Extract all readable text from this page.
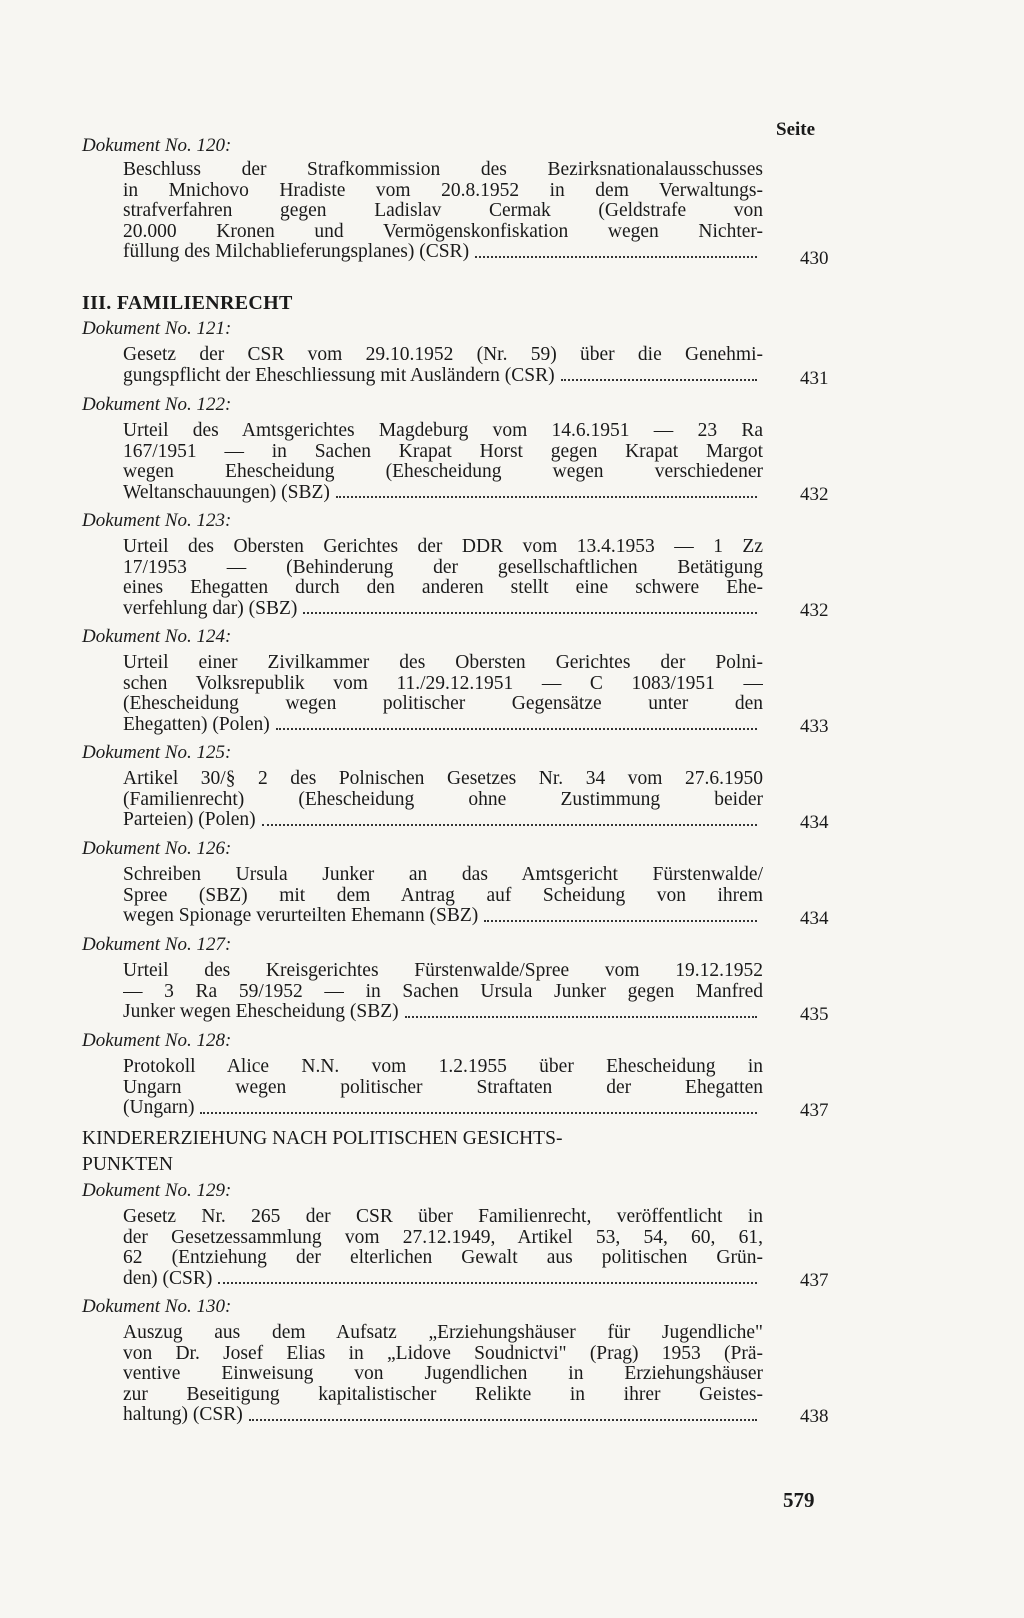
Seite
Dokument No. 120:
Beschluss der Strafkommission des Bezirksnationalausschusses
in Mnichovo Hradiste vom 20.8.1952 in dem Verwaltungs-
strafverfahren gegen Ladislav Cermak (Geldstrafe von
20.000 Kronen und Vermögenskonfiskation wegen Nichter-
füllung des Milchablieferungsplanes) (CSR)	430
III. FAMILIENRECHT
Dokument No. 121:
Gesetz der CSR vom 29.10.1952 (Nr. 59) über die Genehmi-
gungspflicht der Eheschliessung mit Ausländern (CSR)	431
Dokument No. 122:
Urteil des Amtsgerichtes Magdeburg vom 14.6.1951 — 23 Ra
167/1951 — in Sachen Krapat Horst gegen Krapat Margot
wegen Ehescheidung (Ehescheidung wegen verschiedener
Weltanschauungen) (SBZ)	432
Dokument No. 123:
Urteil des Obersten Gerichtes der DDR vom 13.4.1953 — 1 Zz
17/1953 — (Behinderung der gesellschaftlichen Betätigung
eines Ehegatten durch den anderen stellt eine schwere Ehe-
verfehlung dar) (SBZ)	432
Dokument No. 124:
Urteil einer Zivilkammer des Obersten Gerichtes der Polni-
schen Volksrepublik vom 11./29.12.1951 — C 1083/1951 —
(Ehescheidung wegen politischer Gegensätze unter den
Ehegatten) (Polen)	433
Dokument No. 125:
Artikel 30/§ 2 des Polnischen Gesetzes Nr. 34 vom 27.6.1950
(Familienrecht) (Ehescheidung ohne Zustimmung beider
Parteien) (Polen)	434
Dokument No. 126:
Schreiben Ursula Junker an das Amtsgericht Fürstenwalde/
Spree (SBZ) mit dem Antrag auf Scheidung von ihrem
wegen Spionage verurteilten Ehemann (SBZ)	434
Dokument No. 127:
Urteil des Kreisgerichtes Fürstenwalde/Spree vom 19.12.1952
— 3 Ra 59/1952 — in Sachen Ursula Junker gegen Manfred
Junker wegen Ehescheidung (SBZ)	435
Dokument No. 128:
Protokoll Alice N.N. vom 1.2.1955 über Ehescheidung in
Ungarn wegen politischer Straftaten der Ehegatten
(Ungarn)	437
KINDERERZIEHUNG NACH POLITISCHEN GESICHTS-
PUNKTEN
Dokument No. 129:
Gesetz Nr. 265 der CSR über Familienrecht, veröffentlicht in
der Gesetzessammlung vom 27.12.1949, Artikel 53, 54, 60, 61,
62 (Entziehung der elterlichen Gewalt aus politischen Grün-
den) (CSR)	437
Dokument No. 130:
Auszug aus dem Aufsatz „Erziehungshäuser für Jugendliche"
von Dr. Josef Elias in „Lidove Soudnictvi" (Prag) 1953 (Prä-
ventive Einweisung von Jugendlichen in Erziehungshäuser
zur Beseitigung kapitalistischer Relikte in ihrer Geistes-
haltung) (CSR)	438
579
